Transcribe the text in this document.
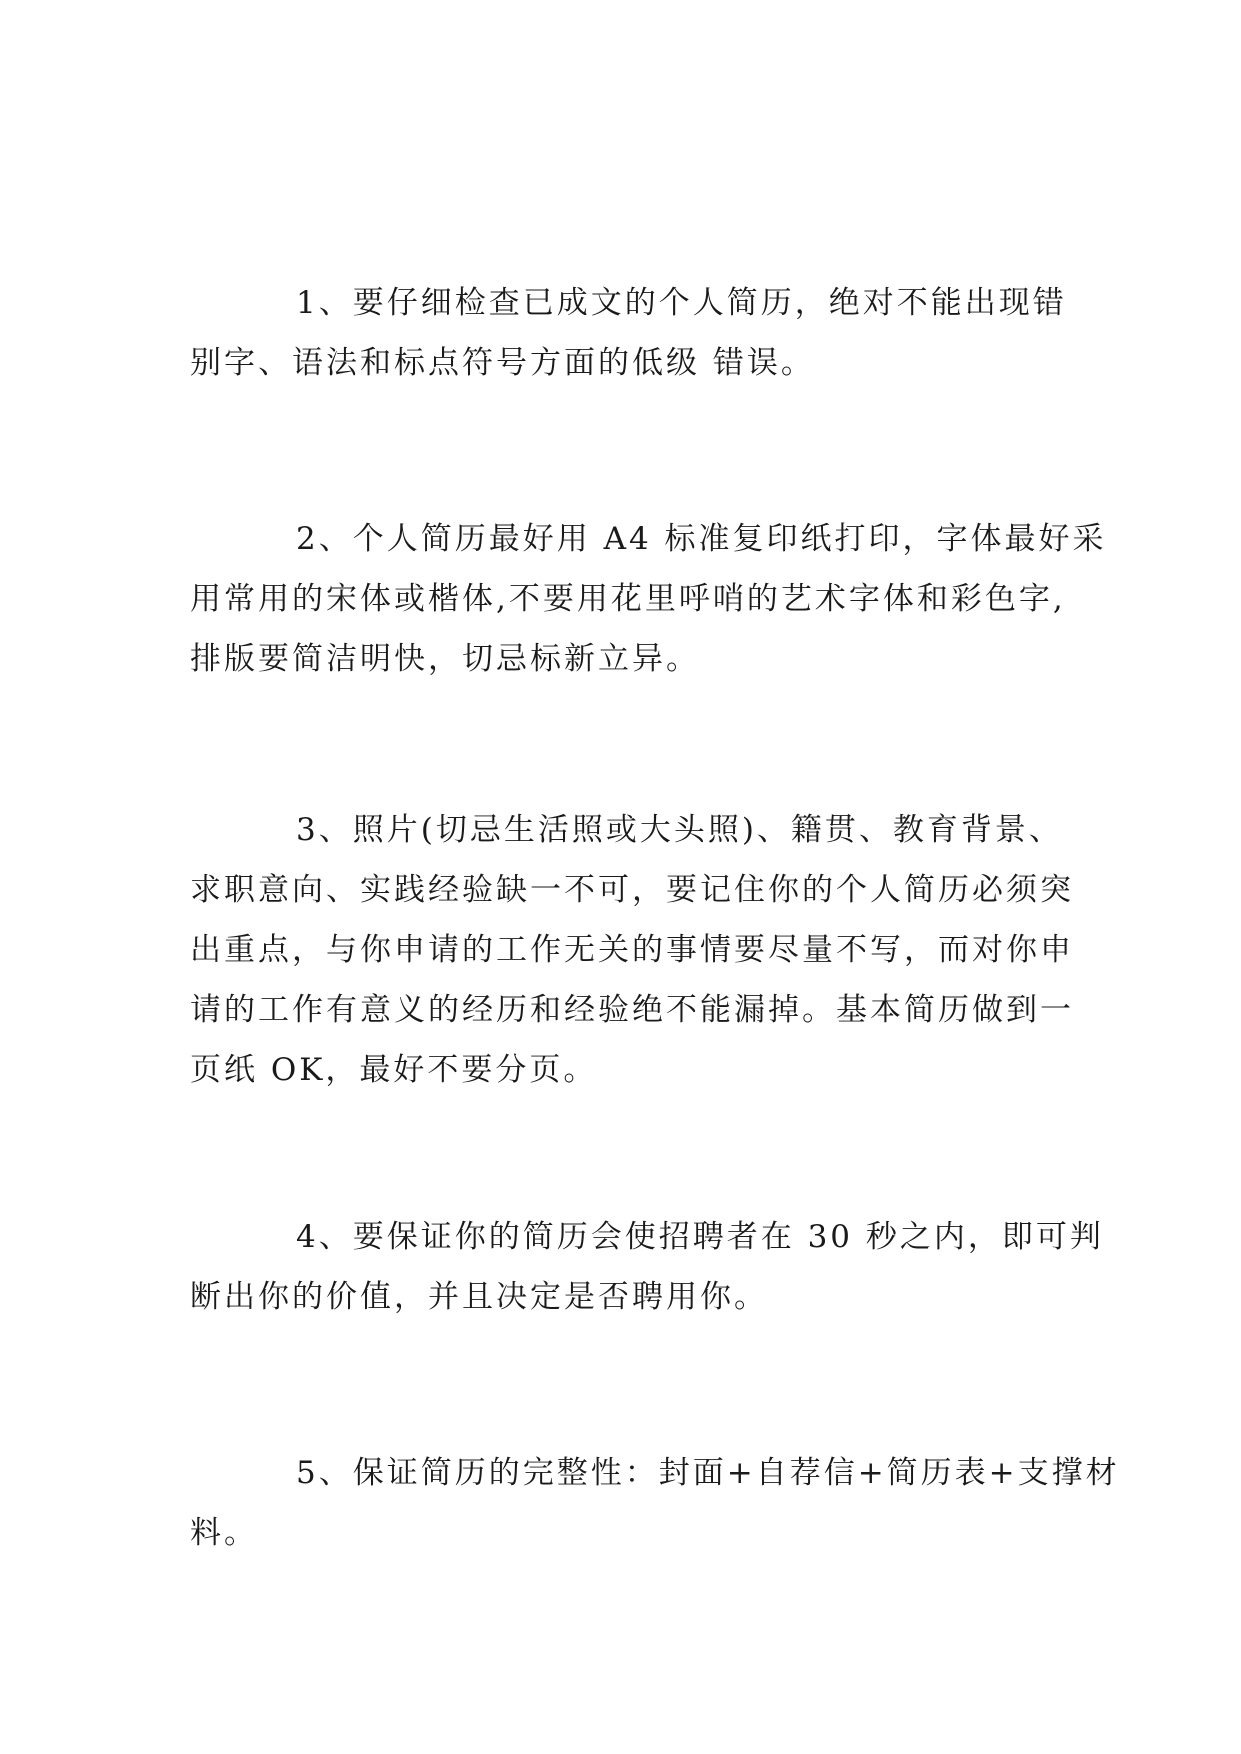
1、要仔细检查已成文的个人简历，绝对不能出现错
别字、语法和标点符号方面的低级 错误。

2、个人简历最好用 A4 标准复印纸打印，字体最好采
用常用的宋体或楷体,不要用花里呼哨的艺术字体和彩色字,
排版要简洁明快，切忌标新立异。

3、照片(切忌生活照或大头照)、籍贯、教育背景、
求职意向、实践经验缺一不可，要记住你的个人简历必须突
出重点，与你申请的工作无关的事情要尽量不写，而对你申
请的工作有意义的经历和经验绝不能漏掉。基本简历做到一
页纸 OK，最好不要分页。

4、要保证你的简历会使招聘者在 30 秒之内，即可判
断出你的价值，并且决定是否聘用你。

5、保证简历的完整性：封面+自荐信+简历表+支撑材
料。
